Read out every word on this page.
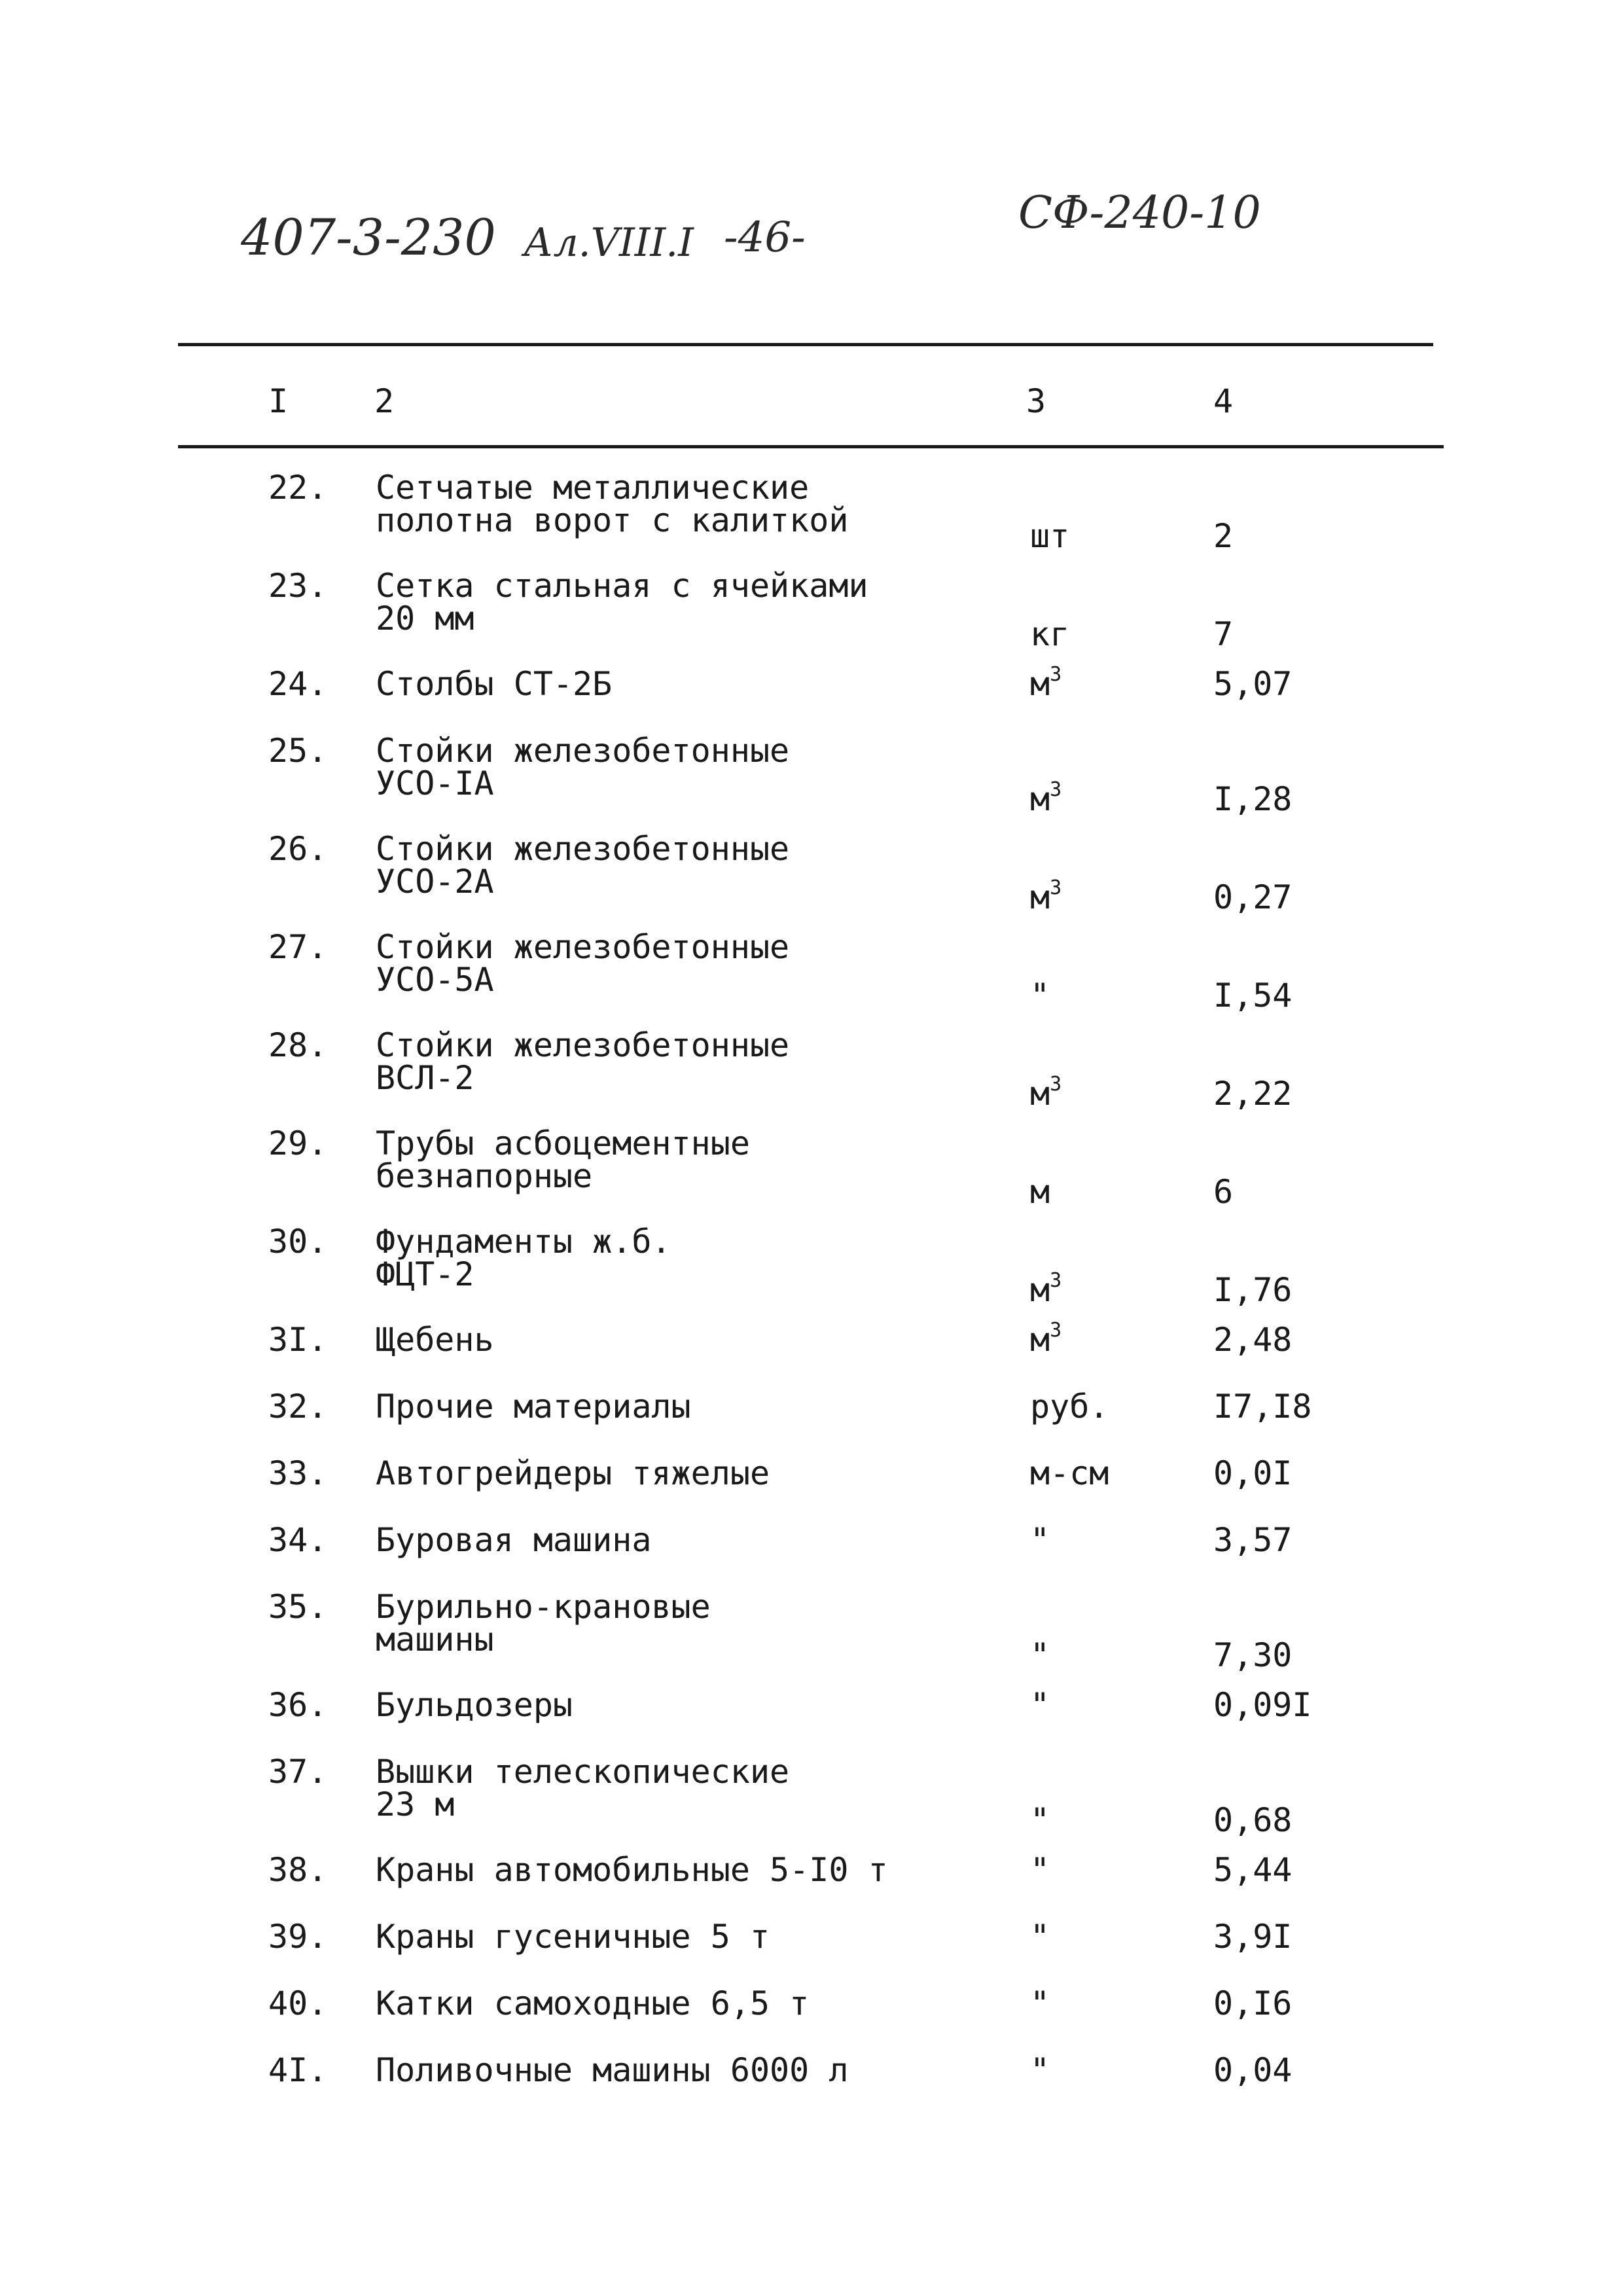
407-3-230 Ал.VIII.I -46-	СФ-240-10
I	2	3	4
22. Сетчатые металлические
полотна ворот с калиткой	шт	2
23. Сетка стальная с ячейками
20 мм	кг	7
24. Столбы СТ-2Б	$м^3$	5,07
25. Стойки железобетонные
УСО-IА	$м^3$	I,28
26. Стойки железобетонные
УСО-2А	$м^3$	0,27
27. Стойки железобетонные
УСО-5А	"	I,54
28. Стойки железобетонные
ВСЛ-2	$м^3$	2,22
29. Трубы асбоцементные
безнапорные	м	6
30. Фундаменты ж.б.
ФЦТ-2	$м^3$	I,76
3I. Щебень	$м^3$	2,48
32. Прочие материалы	руб.	I7,I8
33. Автогрейдеры тяжелые	м-см	0,0I
34. Буровая машина	"	3,57
35. Бурильно-крановые
машины	"	7,30
36. Бульдозеры	"	0,09I
37. Вышки телескопические
23 м	"	0,68
38. Краны автомобильные 5-I0 т	"	5,44
39. Краны гусеничные 5 т	"	3,9I
40. Катки самоходные 6,5 т	"	0,I6
4I. Поливочные машины 6000 л	"	0,04
